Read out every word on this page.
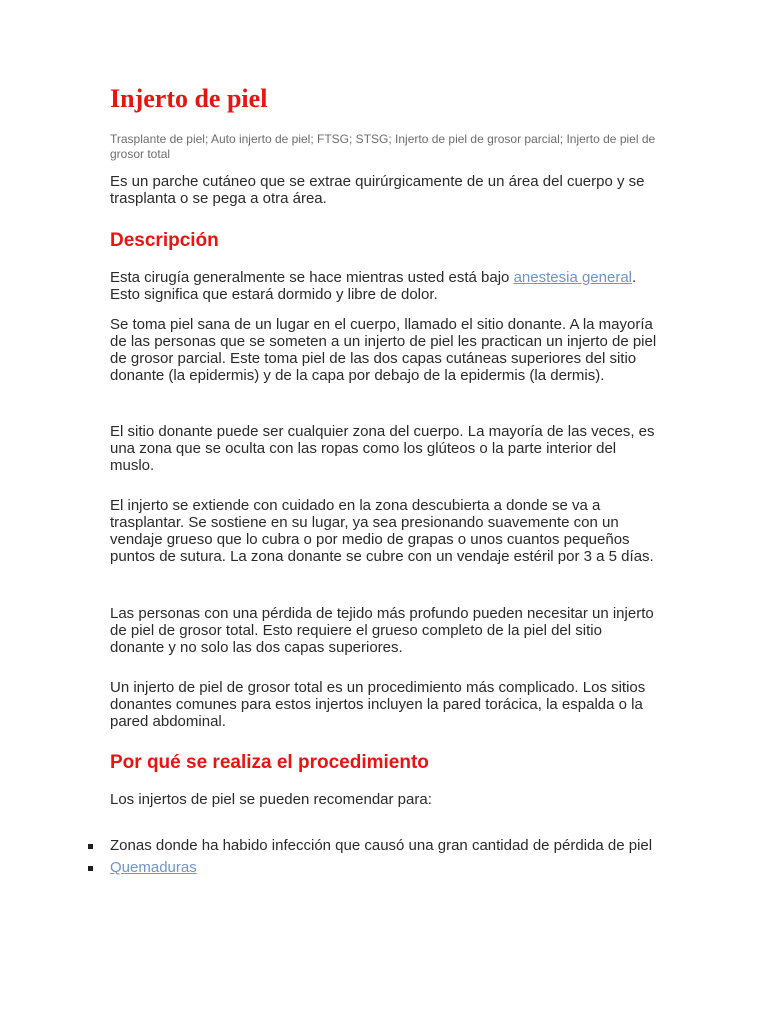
Injerto de piel

Trasplante de piel; Auto injerto de piel; FTSG; STSG; Injerto de piel de grosor parcial; Injerto de piel de grosor total

Es un parche cutáneo que se extrae quirúrgicamente de un área del cuerpo y se trasplanta o se pega a otra área.

Descripción

Esta cirugía generalmente se hace mientras usted está bajo anestesia general. Esto significa que estará dormido y libre de dolor.

Se toma piel sana de un lugar en el cuerpo, llamado el sitio donante. A la mayoría de las personas que se someten a un injerto de piel les practican un injerto de piel de grosor parcial. Este toma piel de las dos capas cutáneas superiores del sitio donante (la epidermis) y de la capa por debajo de la epidermis (la dermis).

El sitio donante puede ser cualquier zona del cuerpo. La mayoría de las veces, es una zona que se oculta con las ropas como los glúteos o la parte interior del muslo.

El injerto se extiende con cuidado en la zona descubierta a donde se va a trasplantar. Se sostiene en su lugar, ya sea presionando suavemente con un vendaje grueso que lo cubra o por medio de grapas o unos cuantos pequeños puntos de sutura. La zona donante se cubre con un vendaje estéril por 3 a 5 días.

Las personas con una pérdida de tejido más profundo pueden necesitar un injerto de piel de grosor total. Esto requiere el grueso completo de la piel del sitio donante y no solo las dos capas superiores.

Un injerto de piel de grosor total es un procedimiento más complicado. Los sitios donantes comunes para estos injertos incluyen la pared torácica, la espalda o la pared abdominal.

Por qué se realiza el procedimiento

Los injertos de piel se pueden recomendar para:

Zonas donde ha habido infección que causó una gran cantidad de pérdida de piel
Quemaduras
